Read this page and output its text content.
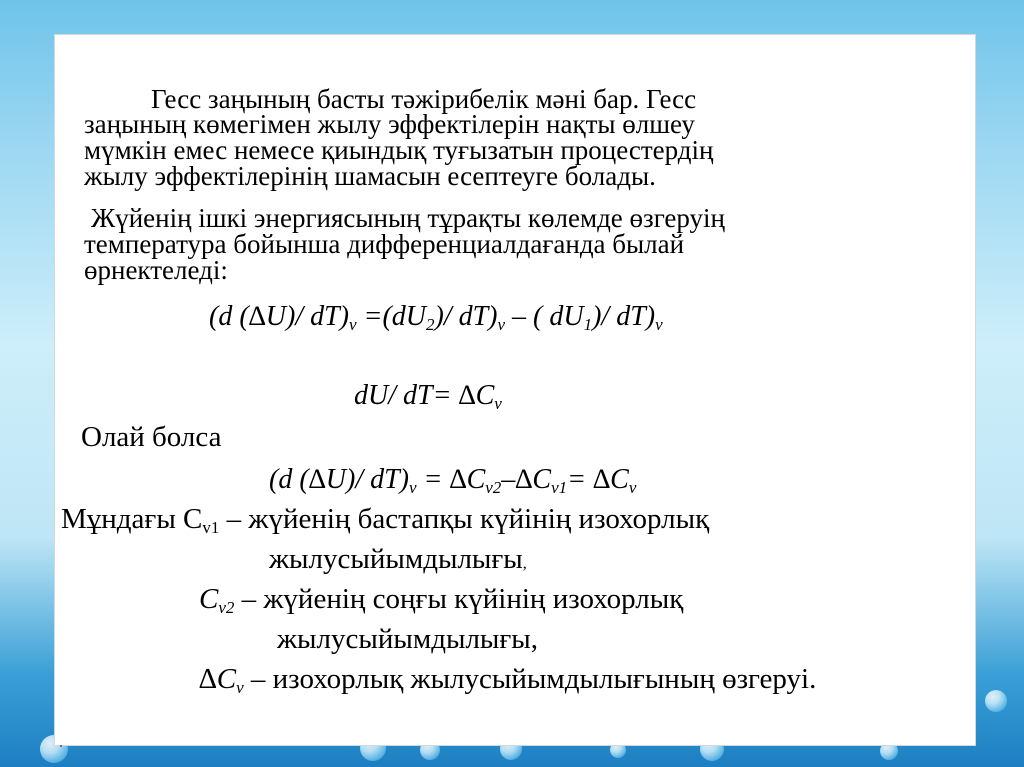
Гесс заңының басты тәжірибелік мәні бар. Гесс
заңының көмегімен жылу эффектілерін нақты өлшеу
мүмкін емес немесе қиындық туғызатын процестердің
жылу эффектілерінің шамасын есептеуге болады.
Жүйенің ішкі энергиясының тұрақты көлемде өзгеруің
температура бойынша дифференциалдағанда былай
өрнектеледі:
(d (∆U)/ $dT)_v =(dU_2)/$ $dT)_v$ – ( $dU_1)/$ $dT)_v$
dU/ $dT= \Delta C_v$
Олай болса
(d (∆U)/ $dT)_v = \Delta C_{v2}-\Delta C_{v1}= \Delta C_v$
Мұндағы $C_{v1}$ – жүйенің бастапқы күйінің изохорлық
жылусыйымдылығы,
$C_{v2}$ – жүйенің соңғы күйінің изохорлық
жылусыйымдылығы,
$\Delta C_v$ – изохорлық жылусыйымдылығының өзгеруі.
